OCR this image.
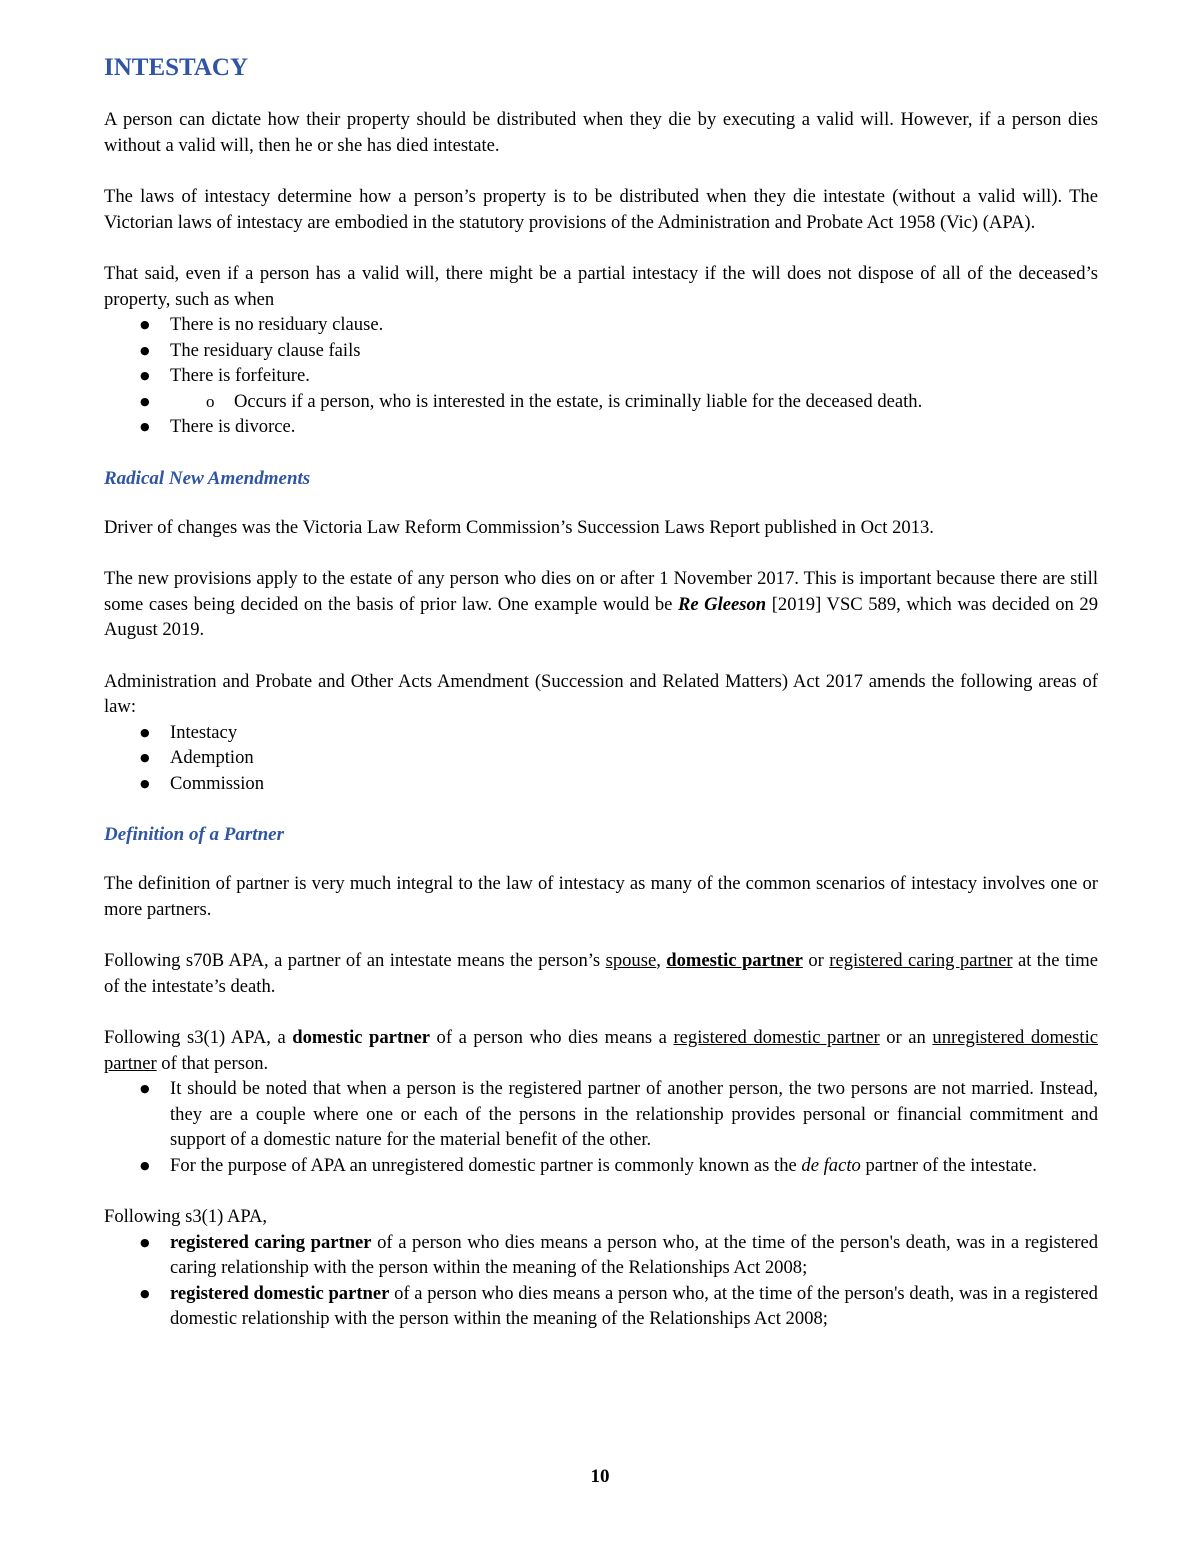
INTESTACY

A person can dictate how their property should be distributed when they die by executing a valid will. However, if a person dies without a valid will, then he or she has died intestate.

The laws of intestacy determine how a person’s property is to be distributed when they die intestate (without a valid will). The Victorian laws of intestacy are embodied in the statutory provisions of the Administration and Probate Act 1958 (Vic) (APA).

That said, even if a person has a valid will, there might be a partial intestacy if the will does not dispose of all of the deceased’s property, such as when

● There is no residuary clause.
● The residuary clause fails
● There is forfeiture.
o ● Occurs if a person, who is interested in the estate, is criminally liable for the deceased death.
● There is divorce.
Radical New Amendments

Driver of changes was the Victoria Law Reform Commission’s Succession Laws Report published in Oct 2013.

The new provisions apply to the estate of any person who dies on or after 1 November 2017. This is important because there are still some cases being decided on the basis of prior law. One example would be Re Gleeson [2019] VSC 589, which was decided on 29 August 2019.

Administration and Probate and Other Acts Amendment (Succession and Related Matters) Act 2017 amends the following areas of law:

● Intestacy
● Ademption
● Commission
Definition of a Partner

The definition of partner is very much integral to the law of intestacy as many of the common scenarios of intestacy involves one or more partners.

Following s70B APA, a partner of an intestate means the person’s spouse, domestic partner or registered caring partner at the time of the intestate’s death.

Following s3(1) APA, a domestic partner of a person who dies means a registered domestic partner or an unregistered domestic partner of that person.

● It should be noted that when a person is the registered partner of another person, the two persons are not married. Instead, they are a couple where one or each of the persons in the relationship provides personal or financial commitment and support of a domestic nature for the material benefit of the other.
● For the purpose of APA an unregistered domestic partner is commonly known as the de facto partner of the intestate.

Following s3(1) APA,

● registered caring partner of a person who dies means a person who, at the time of the person's death, was in a registered caring relationship with the person within the meaning of the Relationships Act 2008;
● registered domestic partner of a person who dies means a person who, at the time of the person's death, was in a registered domestic relationship with the person within the meaning of the Relationships Act 2008;
10
